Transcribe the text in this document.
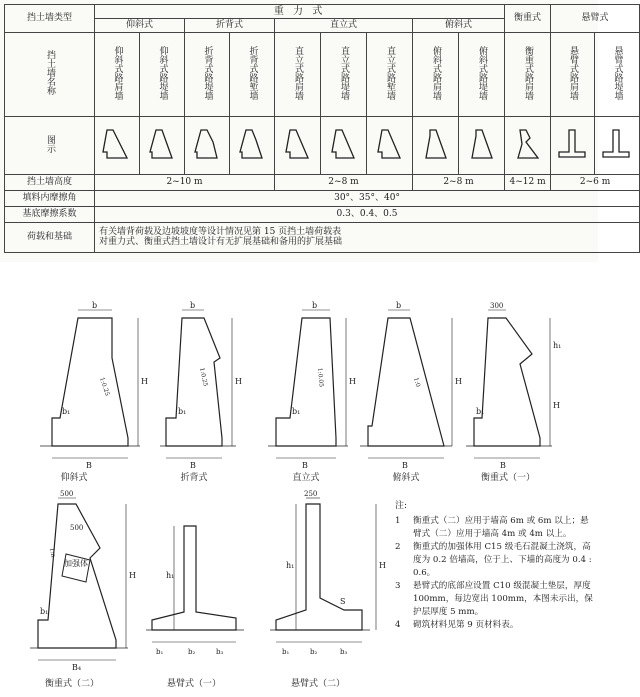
挡土墙类型	重 力 式									衡重式	悬臂式	
	仰斜式		折背式		直立式			俯斜式				
挡土墙名称	仰斜式路肩墙	仰斜式路堤墙	折背式路堤墙	折背式路堑墙	直立式路肩墙	直立式路堤墙	直立式路堑墙	俯斜式路肩墙	俯斜式路堤墙	衡重式路肩墙	悬臂式路肩墙	悬臂式路堤墙
图示												
挡土墙高度	2~10 m				2~8 m			2~8 m		4~12 m	2~6 m	
填料内摩擦角	30°、35°、40°											
基底摩擦系数	0.3、0.4、0.5											
荷载和基础	有关墙背荷载及边坡坡度等设计情况见第 15 页挡土墙荷载表
对重力式、衡重式挡土墙设计有无扩展基础和备用的扩展基础											
b
H
b₁
B
1:0.25
b
H
b₁
B
1:0.25
b
H
b₁
B
1:0.05
b
H
B
1:0
300
h₁
H
B
b₁
500
H
500
加强体
b₁
B₄
1:n
h₁
b₁	b₂	b₃
250
h₁	H
S
b₁	b₂	b₃
仰斜式	折背式	直立式	俯斜式	衡重式（一）
衡重式（二）	悬臂式（一）	悬臂式（二）
注:
1	衡重式（二）应用于墙高 6m 或 6m 以上；悬臂式（二）应用于墙高 4m 或 4m 以上。
2	衡重式的加强体用 C15 级毛石混凝土浇筑，高度为 0.2 倍墙高，位于上、下墙的高度为 0.4 : 0.6。
3	悬臂式的底部应设置 C10 级混凝土垫层，厚度 100mm，每边宽出 100mm，本图未示出，保护层厚度 5 mm。
4	砌筑材料见第 9 页材料表。
